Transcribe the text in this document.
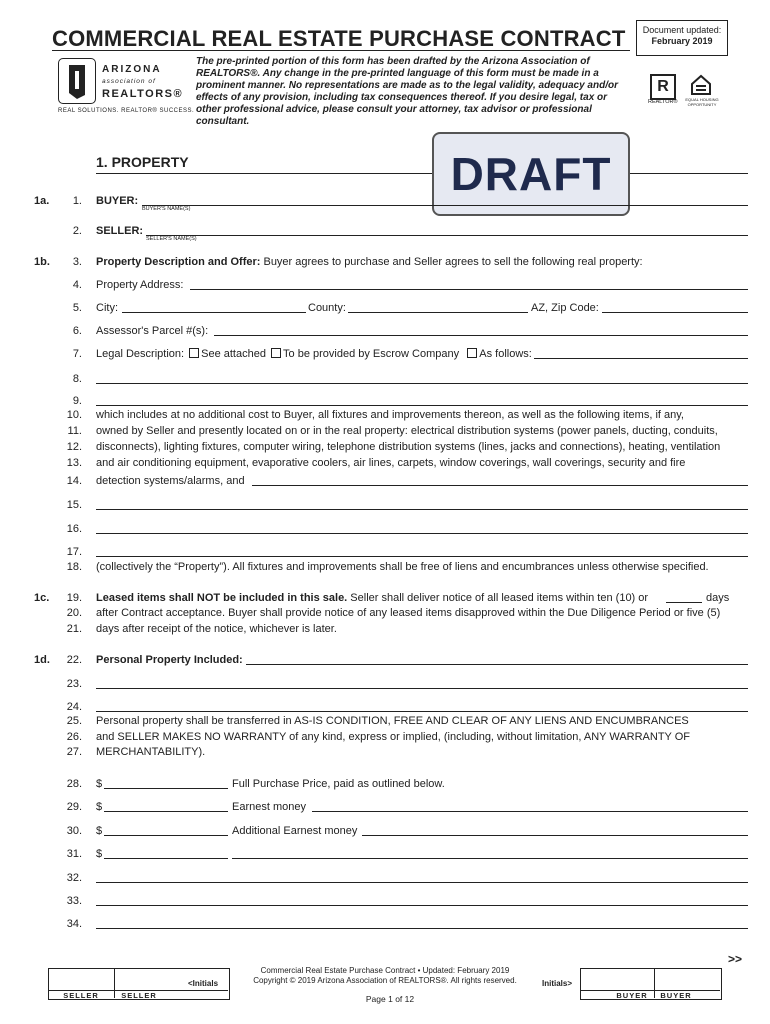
COMMERCIAL REAL ESTATE PURCHASE CONTRACT	Document updated:
February 2019
ARIZONA
association of
REALTORS®
REAL SOLUTIONS. REALTOR® SUCCESS.
The pre-printed portion of this form has been drafted by the Arizona Association of REALTORS®. Any change in the pre-printed language of this form must be made in a prominent manner. No representations are made as to the legal validity, adequacy and/or effects of any provision, including tax consequences thereof. If you desire legal, tax or other professional advice, please consult your attorney, tax advisor or professional consultant.
R
REALTOR®	EQUAL HOUSING OPPORTUNITY
1. PROPERTY	DRAFT
1a.
1b.
1c.
1d.
1. BUYER:
BUYER'S NAME(S)
2. SELLER:
SELLER'S NAME(S)
3. Property Description and Offer: Buyer agrees to purchase and Seller agrees to sell the following real property:
4. Property Address:
5. City:	County:	AZ, Zip Code:
6. Assessor's Parcel #(s):
7. Legal Description: See attached To be provided by Escrow Company As follows:
8.
9.
10. which includes at no additional cost to Buyer, all fixtures and improvements thereon, as well as the following items, if any,
11. owned by Seller and presently located on or in the real property: electrical distribution systems (power panels, ducting, conduits,
12. disconnects), lighting fixtures, computer wiring, telephone distribution systems (lines, jacks and connections), heating, ventilation
13. and air conditioning equipment, evaporative coolers, air lines, carpets, window coverings, wall coverings, security and fire
14. detection systems/alarms, and
15.
16.
17.
18. (collectively the “Property”). All fixtures and improvements shall be free of liens and encumbrances unless otherwise specified.
19. Leased items shall NOT be included in this sale. Seller shall deliver notice of all leased items within ten (10) or	days
20. after Contract acceptance. Buyer shall provide notice of any leased items disapproved within the Due Diligence Period or five (5)
21. days after receipt of the notice, whichever is later.
22. Personal Property Included:
23.
24.
25. Personal property shall be transferred in AS-IS CONDITION, FREE AND CLEAR OF ANY LIENS AND ENCUMBRANCES
26. and SELLER MAKES NO WARRANTY of any kind, express or implied, (including, without limitation, ANY WARRANTY OF
27. MERCHANTABILITY).
28. $	Full Purchase Price, paid as outlined below.
29. $	Earnest money
30. $	Additional Earnest money
31. $
32.
33.
34.
>>
SELLER	SELLER
<Initials
Commercial Real Estate Purchase Contract • Updated: February 2019
Copyright © 2019 Arizona Association of REALTORS®. All rights reserved.
Page 1 of 12
Initials>
BUYER	BUYER
